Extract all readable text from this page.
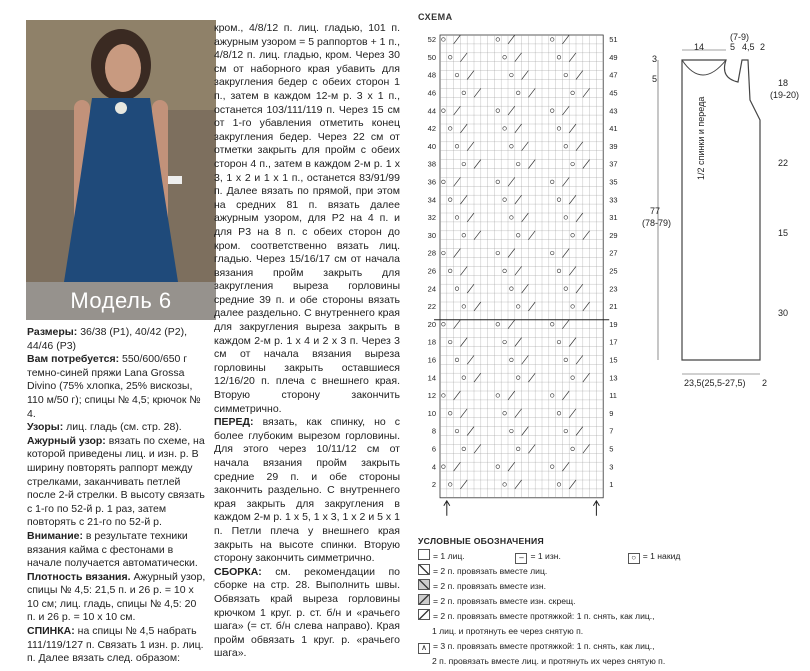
Модель 6

Размеры: 36/38 (Р1), 40/42 (Р2), 44/46 (Р3)

Вам потребуется: 550/600/650 г темно-синей пряжи Lana Grossa Divino (75% хлопка, 25% вискозы, 110 м/50 г); спицы № 4,5; крючок № 4.

Узоры: лиц. гладь (см. стр. 28).

Ажурный узор: вязать по схеме, на которой приведены лиц. и изн. р. В ширину повторять раппорт между стрелками, заканчивать петлей после 2-й стрелки. В высоту связать с 1-го по 52-й р. 1 раз, затем повторять с 21-го по 52-й р. Внимание: в результате техники вязания кайма с фестонами в начале получается автоматически.

Плотность вязания. Ажурный узор, спицы № 4,5: 21,5 п. и 26 р. = 10 х 10 см; лиц. гладь, спицы № 4,5: 20 п. и 26 р. = 10 х 10 см.

СПИНКА: на спицы № 4,5 набрать 111/119/127 п. Связать 1 изн. р. лиц. п. Далее вязать след. образом:

кром., 4/8/12 п. лиц. гладью, 101 п. ажурным узором = 5 раппортов + 1 п., 4/8/12 п. лиц. гладью, кром. Через 30 см от наборного края убавить для закругления бедер с обеих сторон 1 п., затем в каждом 12-м р. 3 х 1 п., останется 103/111/119 п. Через 15 см от 1-го убавления отметить конец закругления бедер. Через 22 см от отметки закрыть для пройм с обеих сторон 4 п., затем в каждом 2-м р. 1 х 3, 1 х 2 и 1 х 1 п., останется 83/91/99 п. Далее вязать по прямой, при этом на средних 81 п. вязать далее ажурным узором, для Р2 на 4 п. и для Р3 на 8 п. с обеих сторон до кром. соответственно вязать лиц. гладью. Через 15/16/17 см от начала вязания пройм закрыть для закругления выреза горловины средние 39 п. и обе стороны вязать далее раздельно. С внутреннего края для закругления выреза закрыть в каждом 2-м р. 1 х 4 и 2 х 3 п. Через 3 см от начала вязания выреза горловины закрыть оставшиеся 12/16/20 п. плеча с внешнего края. Вторую сторону закончить симметрично.

ПЕРЕД: вязать, как спинку, но с более глубоким вырезом горловины. Для этого через 10/11/12 см от начала вязания пройм закрыть средние 29 п. и обе стороны закончить раздельно. С внутреннего края закрыть для закругления в каждом 2-м р. 1 х 5, 1 х 3, 1 х 2 и 5 х 1 п. Петли плеча у внешнего края закрыть на высоте спинки. Вторую сторону закончить симметрично.

СБОРКА: см. рекомендации по сборке на стр. 28. Выполнить швы. Обвязать край выреза горловины крючком 1 круг. р. ст. б/н и «рачьего шага» (= ст. б/н слева направо). Края пройм обвязать 1 круг. р. «рачьего шага».

СХЕМА
52
50
48
46
44
42
40
38
36
34
32
30
28
26
24
22
20
18
16
14
12
10
8
6
4
2
51
49
47
45
43
41
39
37
35
33
31
29
27
25
23
21
19
17
15
13
11
9
7
5
3
1
УСЛОВНЫЕ ОБОЗНАЧЕНИЯ
= 1 лиц.	– = 1 изн.	○ = 1 накид
= 2 п. провязать вместе лиц.
= 2 п. провязать вместе изн.
= 2 п. провязать вместе изн. скрещ.
= 2 п. провязать вместе протяжкой: 1 п. снять, как лиц.,
1 лиц. и протянуть ее через снятую п.
∧ = 3 п. провязать вместе протяжкой: 1 п. снять, как лиц.,
2 п. провязать вместе лиц. и протянуть их через снятую п.
14
(7-9)
5 4,5 2
3
5	18
(19-20)
22
15
30
77
(78-79)
1/2 спинки и переда
23,5(25,5-27,5) 2
